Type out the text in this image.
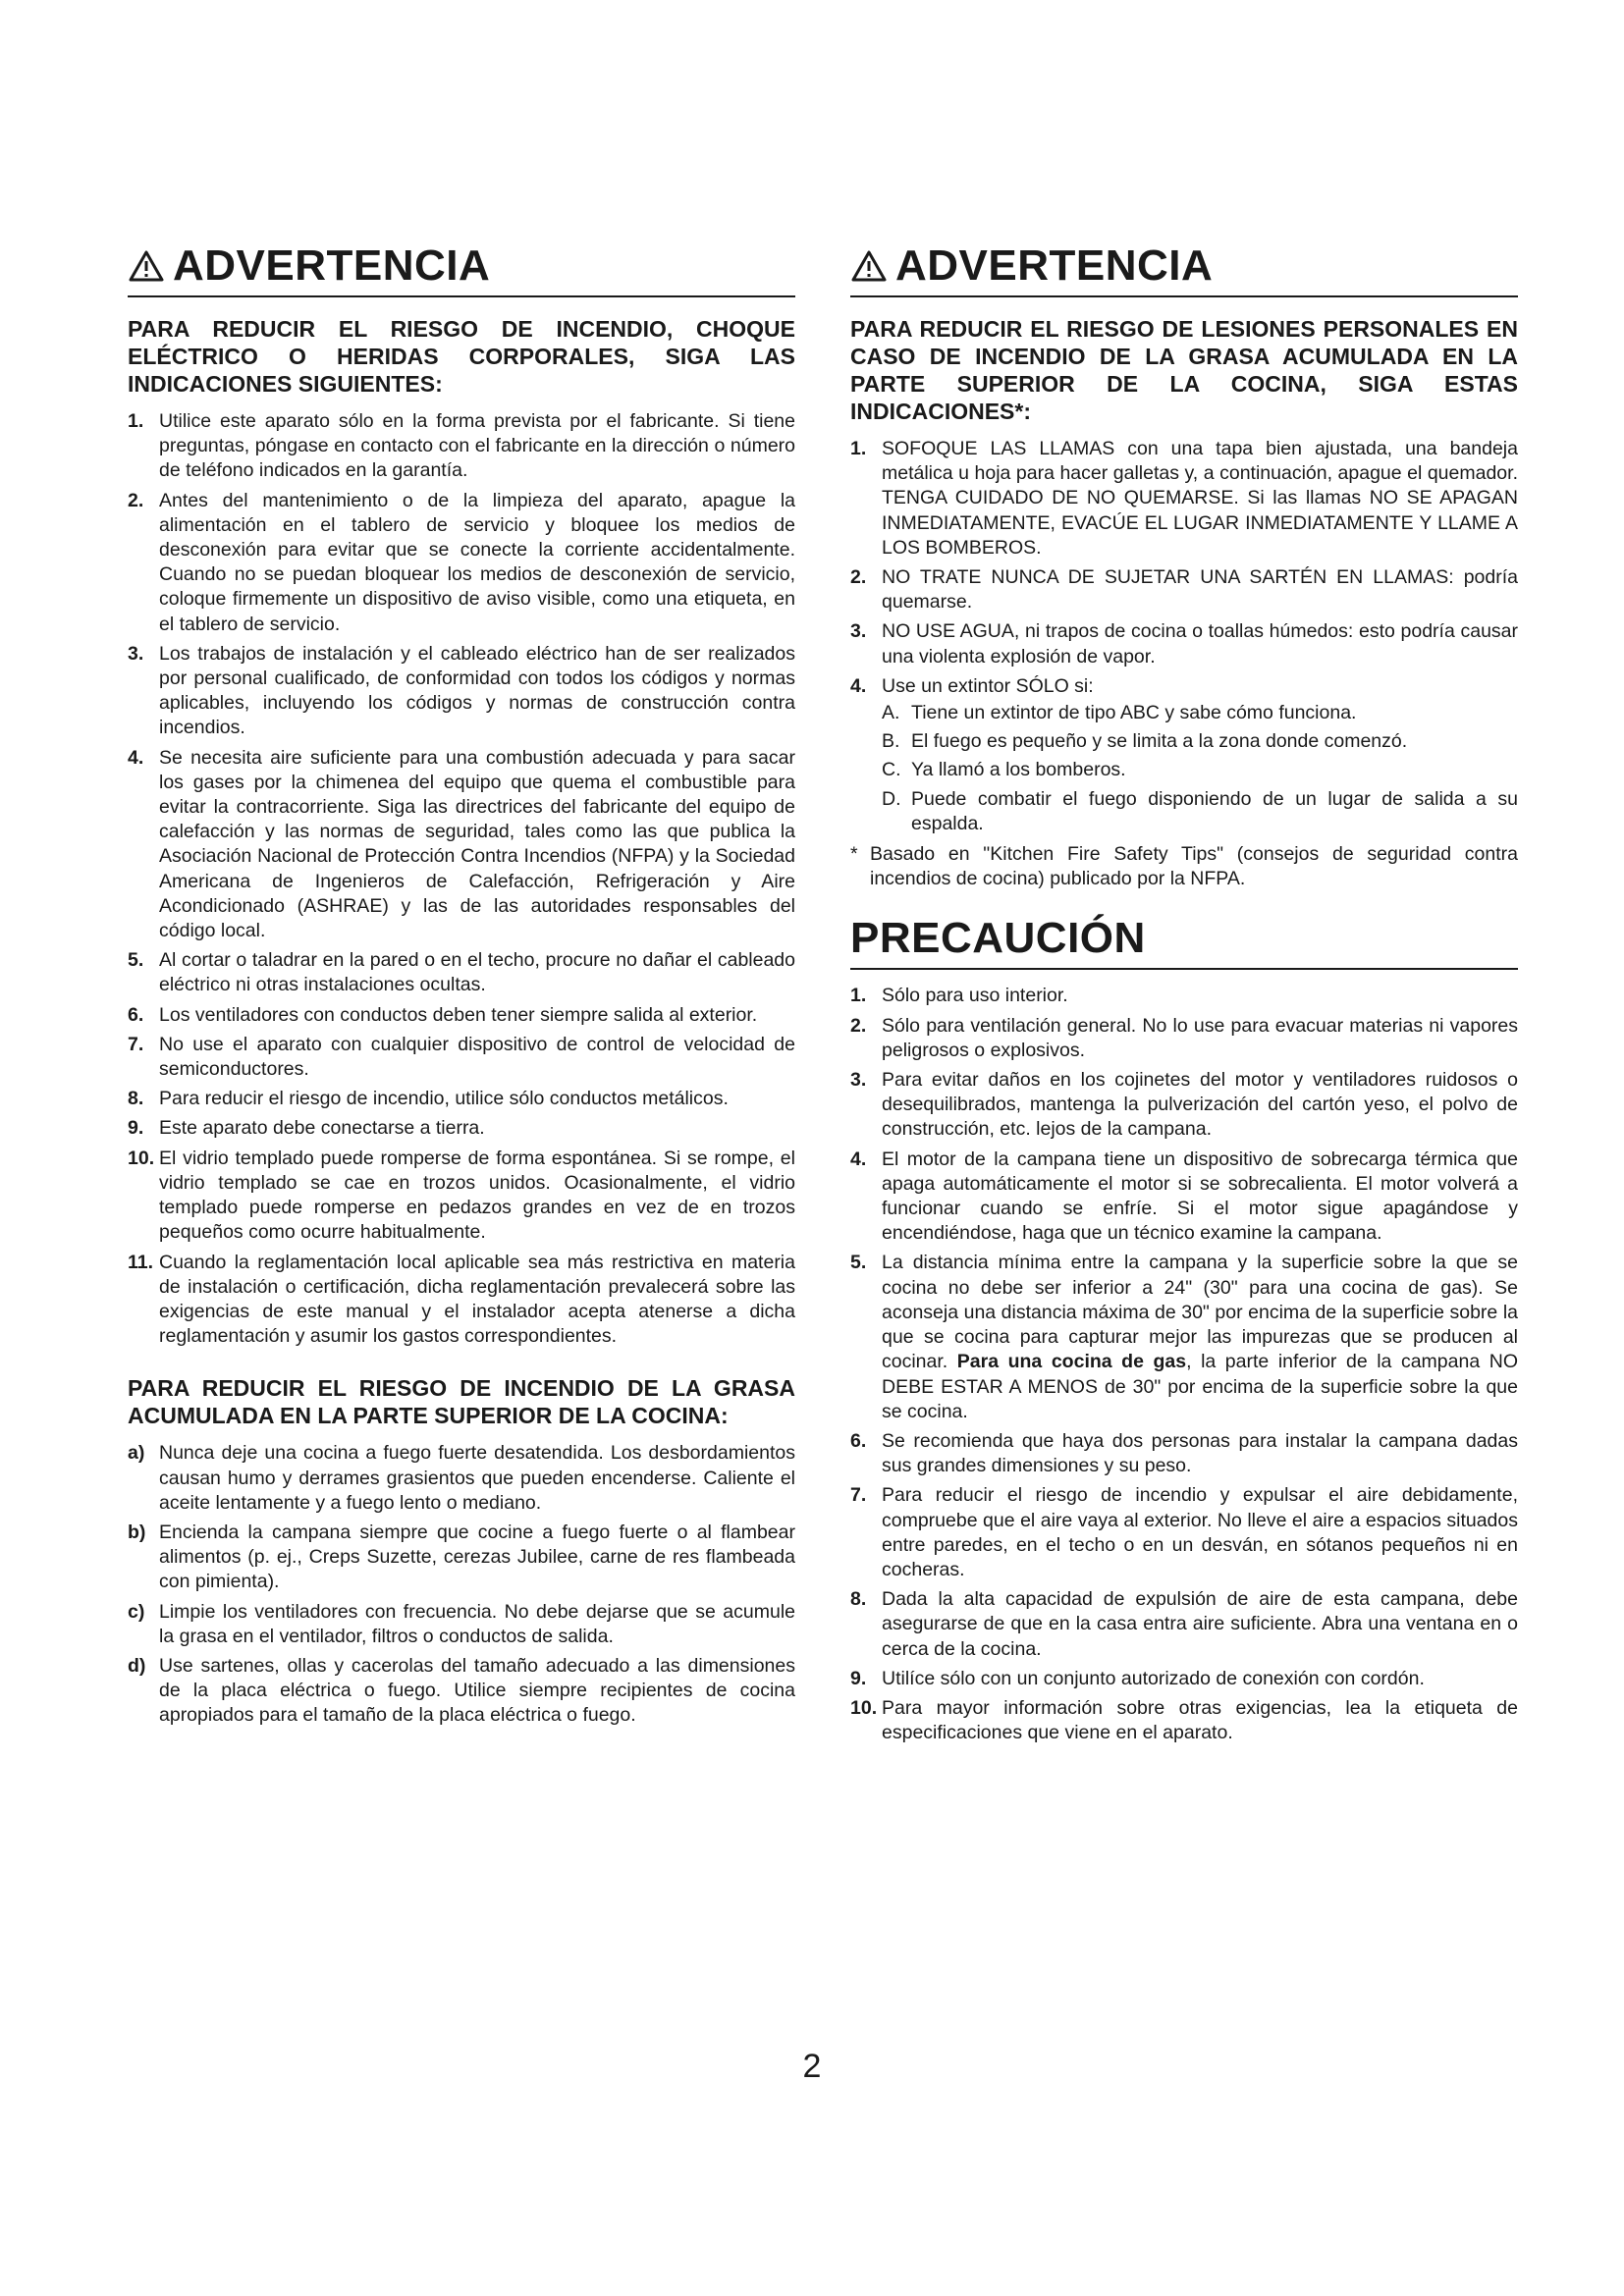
ADVERTENCIA

PARA REDUCIR EL RIESGO DE INCENDIO, CHOQUE ELÉCTRICO O HERIDAS CORPORALES, SIGA LAS INDICACIONES SIGUIENTES:

1. Utilice este aparato sólo en la forma prevista por el fabricante. Si tiene preguntas, póngase en contacto con el fabricante en la dirección o número de teléfono indicados en la garantía.
2. Antes del mantenimiento o de la limpieza del aparato, apague la alimentación en el tablero de servicio y bloquee los medios de desconexión para evitar que se conecte la corriente accidentalmente. Cuando no se puedan bloquear los medios de desconexión de servicio, coloque firmemente un dispositivo de aviso visible, como una etiqueta, en el tablero de servicio.
3. Los trabajos de instalación y el cableado eléctrico han de ser realizados por personal cualificado, de conformidad con todos los códigos y normas aplicables, incluyendo los códigos y normas de construcción contra incendios.
4. Se necesita aire suficiente para una combustión adecuada y para sacar los gases por la chimenea del equipo que quema el combustible para evitar la contracorriente. Siga las directrices del fabricante del equipo de calefacción y las normas de seguridad, tales como las que publica la Asociación Nacional de Protección Contra Incendios (NFPA) y la Sociedad Americana de Ingenieros de Calefacción, Refrigeración y Aire Acondicionado (ASHRAE) y las de las autoridades responsables del código local.
5. Al cortar o taladrar en la pared o en el techo, procure no dañar el cableado eléctrico ni otras instalaciones ocultas.
6. Los ventiladores con conductos deben tener siempre salida al exterior.
7. No use el aparato con cualquier dispositivo de control de velocidad de semiconductores.
8. Para reducir el riesgo de incendio, utilice sólo conductos metálicos.
9. Este aparato debe conectarse a tierra.
10. El vidrio templado puede romperse de forma espontánea. Si se rompe, el vidrio templado se cae en trozos unidos. Ocasionalmente, el vidrio templado puede romperse en pedazos grandes en vez de en trozos pequeños como ocurre habitualmente.
11. Cuando la reglamentación local aplicable sea más restrictiva en materia de instalación o certificación, dicha reglamentación prevalecerá sobre las exigencias de este manual y el instalador acepta atenerse a dicha reglamentación y asumir los gastos correspondientes.

PARA REDUCIR EL RIESGO DE INCENDIO DE LA GRASA ACUMULADA EN LA PARTE SUPERIOR DE LA COCINA:

a) Nunca deje una cocina a fuego fuerte desatendida. Los desbordamientos causan humo y derrames grasientos que pueden encenderse. Caliente el aceite lentamente y a fuego lento o mediano.
b) Encienda la campana siempre que cocine a fuego fuerte o al flambear alimentos (p. ej., Creps Suzette, cerezas Jubilee, carne de res flambeada con pimienta).
c) Limpie los ventiladores con frecuencia. No debe dejarse que se acumule la grasa en el ventilador, filtros o conductos de salida.
d) Use sartenes, ollas y cacerolas del tamaño adecuado a las dimensiones de la placa eléctrica o fuego. Utilice siempre recipientes de cocina apropiados para el tamaño de la placa eléctrica o fuego.
ADVERTENCIA

PARA REDUCIR EL RIESGO DE LESIONES PERSONALES EN CASO DE INCENDIO DE LA GRASA ACUMULADA EN LA PARTE SUPERIOR DE LA COCINA, SIGA ESTAS INDICACIONES*:

1. SOFOQUE LAS LLAMAS con una tapa bien ajustada, una bandeja metálica u hoja para hacer galletas y, a continuación, apague el quemador. TENGA CUIDADO DE NO QUEMARSE. Si las llamas NO SE APAGAN INMEDIATAMENTE, EVACÚE EL LUGAR INMEDIATAMENTE Y LLAME A LOS BOMBEROS.
2. NO TRATE NUNCA DE SUJETAR UNA SARTÉN EN LLAMAS: podría quemarse.
3. NO USE AGUA, ni trapos de cocina o toallas húmedos: esto podría causar una violenta explosión de vapor.
4. Use un extintor SÓLO si:
A. Tiene un extintor de tipo ABC y sabe cómo funciona.
B. El fuego es pequeño y se limita a la zona donde comenzó.
C. Ya llamó a los bomberos.
D. Puede combatir el fuego disponiendo de un lugar de salida a su espalda.

* Basado en "Kitchen Fire Safety Tips" (consejos de seguridad contra incendios de cocina) publicado por la NFPA.

PRECAUCIÓN
1. Sólo para uso interior.
2. Sólo para ventilación general. No lo use para evacuar materias ni vapores peligrosos o explosivos.
3. Para evitar daños en los cojinetes del motor y ventiladores ruidosos o desequilibrados, mantenga la pulverización del cartón yeso, el polvo de construcción, etc. lejos de la campana.
4. El motor de la campana tiene un dispositivo de sobrecarga térmica que apaga automáticamente el motor si se sobrecalienta. El motor volverá a funcionar cuando se enfríe. Si el motor sigue apagándose y encendiéndose, haga que un técnico examine la campana.
5. La distancia mínima entre la campana y la superficie sobre la que se cocina no debe ser inferior a 24" (30" para una cocina de gas). Se aconseja una distancia máxima de 30" por encima de la superficie sobre la que se cocina para capturar mejor las impurezas que se producen al cocinar. Para una cocina de gas, la parte inferior de la campana NO DEBE ESTAR A MENOS de 30" por encima de la superficie sobre la que se cocina.
6. Se recomienda que haya dos personas para instalar la campana dadas sus grandes dimensiones y su peso.
7. Para reducir el riesgo de incendio y expulsar el aire debidamente, compruebe que el aire vaya al exterior. No lleve el aire a espacios situados entre paredes, en el techo o en un desván, en sótanos pequeños ni en cocheras.
8. Dada la alta capacidad de expulsión de aire de esta campana, debe asegurarse de que en la casa entra aire suficiente. Abra una ventana en o cerca de la cocina.
9. Utilíce sólo con un conjunto autorizado de conexión con cordón.
10. Para mayor información sobre otras exigencias, lea la etiqueta de especificaciones que viene en el aparato.
2
